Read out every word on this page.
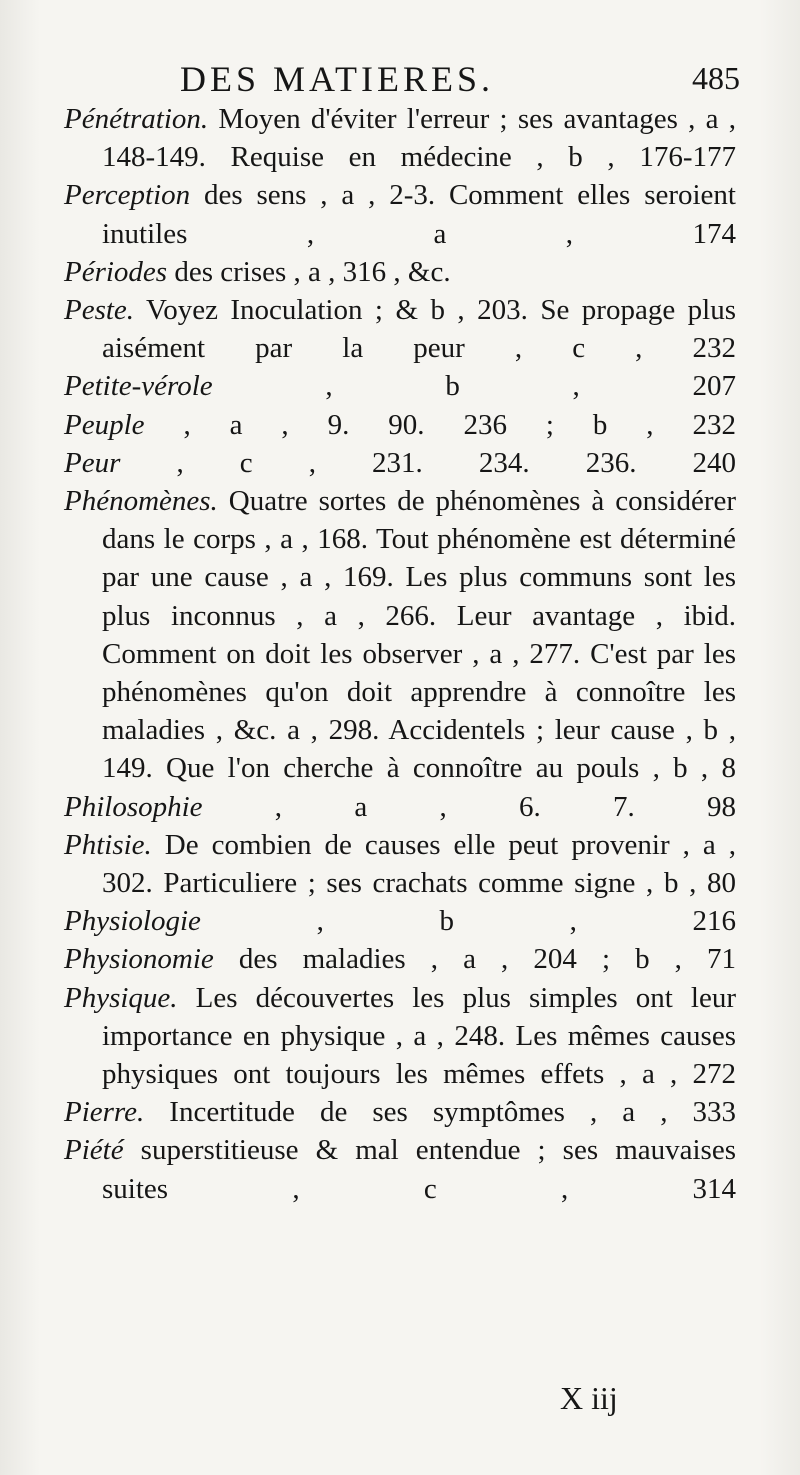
DES MATIERES.	485
Pénétration. Moyen d'éviter l'erreur ; ses avantages , a , 148-149. Requise en médecine , b , 176-177
Perception des sens , a , 2-3. Comment elles seroient inutiles , a ,	174
Périodes des crises , a , 316 , &c.
Peste. Voyez Inoculation ; & b , 203. Se propage plus aisément par la peur , c , 232
Petite-vérole , b ,	207
Peuple , a , 9. 90. 236 ; b , 232
Peur , c , 231. 234. 236. 240
Phénomènes. Quatre sortes de phénomènes à considérer dans le corps , a , 168. Tout phénomène est déterminé par une cause , a , 169. Les plus communs sont les plus inconnus , a , 266. Leur avantage , ibid. Comment on doit les observer , a , 277. C'est par les phénomènes qu'on doit apprendre à connoître les maladies , &c. a , 298. Accidentels ; leur cause , b , 149. Que l'on cherche à connoître au pouls , b , 8
Philosophie , a , 6. 7. 98
Phtisie. De combien de causes elle peut provenir , a , 302. Particuliere ; ses crachats comme signe , b , 80
Physiologie , b ,	216
Physionomie des maladies , a , 204 ; b , 71
Physique. Les découvertes les plus simples ont leur importance en physique , a , 248. Les mêmes causes physiques ont toujours les mêmes effets , a , 272
Pierre. Incertitude de ses symptômes , a , 333
Piété superstitieuse & mal entendue ; ses mauvaises suites , c ,	314
X iij
